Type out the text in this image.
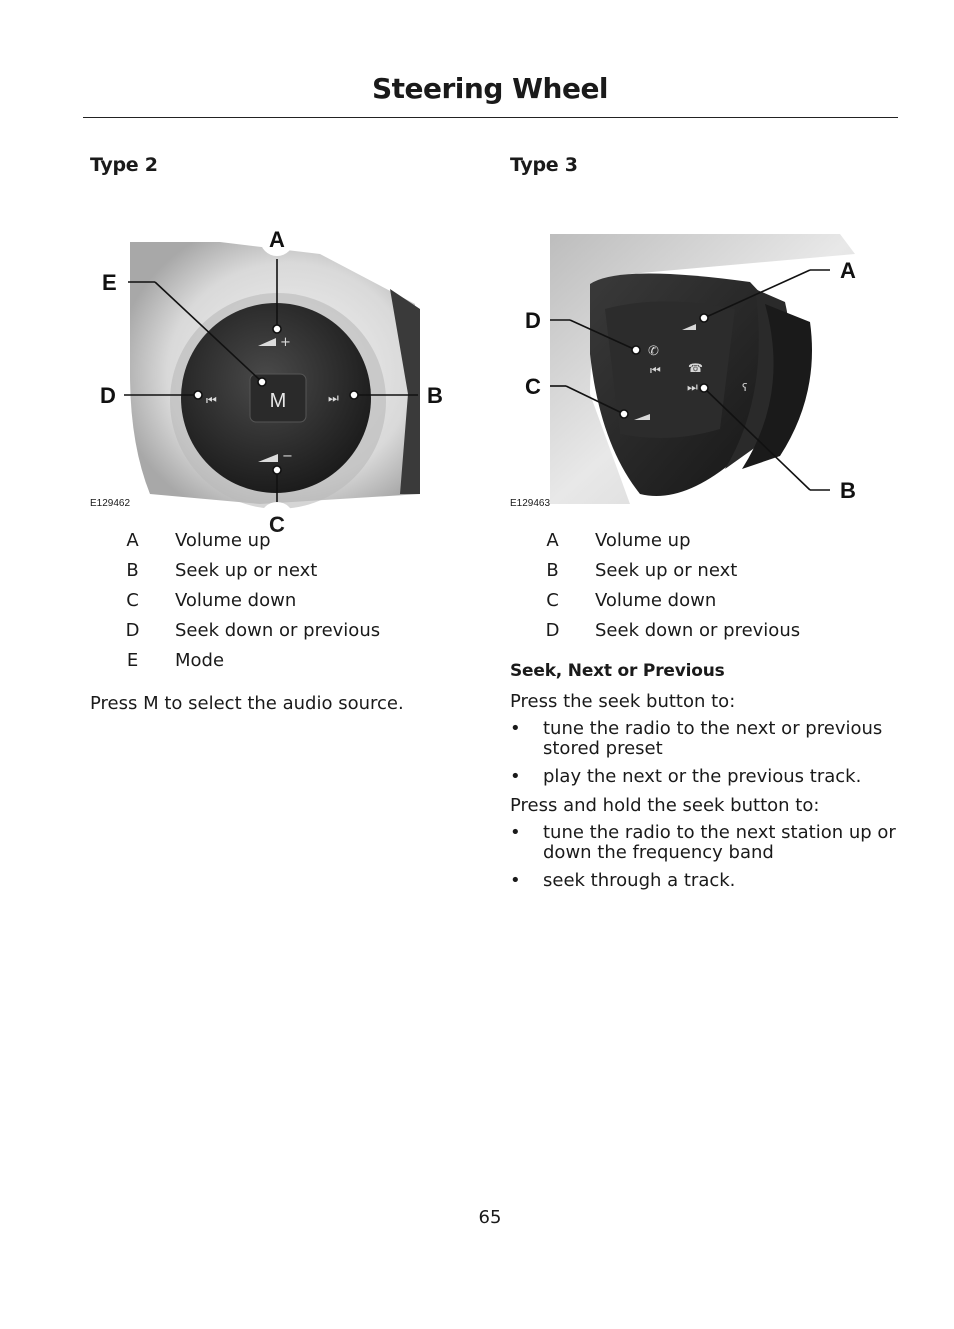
Steering Wheel
Type 2
M
+
−
⏮	⏭
A
E
D	B
C
E129462
A	Volume up
B	Seek up or next
C	Volume down
D	Seek down or previous
E	Mode

Press M to select the audio source.

Type 3
⏮
⏭
✆
☎
ʕ
A
D
C
B
E129463
A	Volume up
B	Seek up or next
C	Volume down
D	Seek down or previous
Seek, Next or Previous

Press the seek button to:

• tune the radio to the next or previous stored preset
• play the next or the previous track.

Press and hold the seek button to:

• tune the radio to the next station up or down the frequency band
• seek through a track.
65
